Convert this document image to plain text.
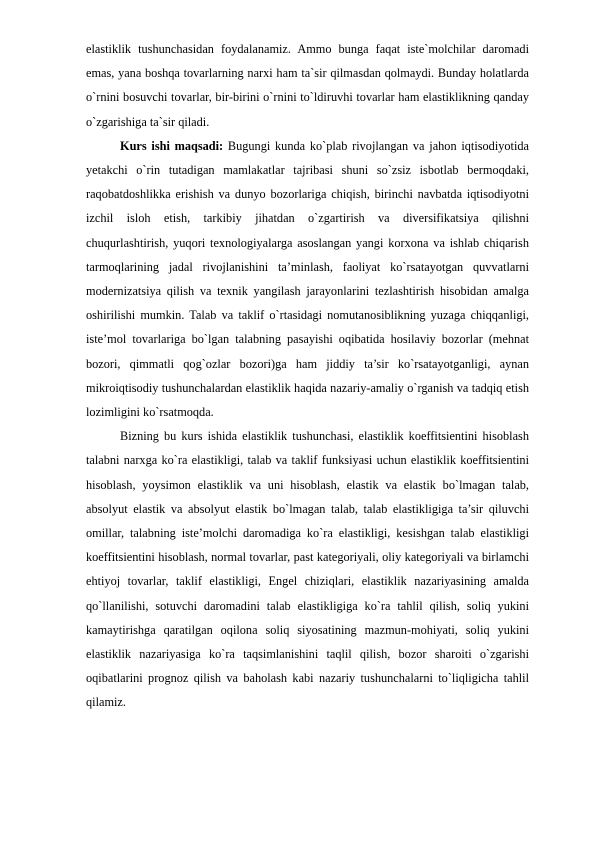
elastiklik tushunchasidan foydalanamiz. Ammo bunga faqat iste`molchilar daromadi emas, yana boshqa tovarlarning narxi ham ta`sir qilmasdan qolmaydi. Bunday holatlarda o`rnini bosuvchi tovarlar, bir-birini o`rnini to`ldiruvhi tovarlar ham elastiklikning qanday o`zgarishiga ta`sir qiladi.

Kurs ishi maqsadi: Bugungi kunda ko`plab rivojlangan va jahon iqtisodiyotida yetakchi o`rin tutadigan mamlakatlar tajribasi shuni so`zsiz isbotlab bermoqdaki, raqobatdoshlikka erishish va dunyo bozorlariga chiqish, birinchi navbatda iqtisodiyotni izchil isloh etish, tarkibiy jihatdan o`zgartirish va diversifikatsiya qilishni chuqurlashtirish, yuqori texnologiyalarga asoslangan yangi korxona va ishlab chiqarish tarmoqlarining jadal rivojlanishini ta’minlash, faoliyat ko`rsatayotgan quvvatlarni modernizatsiya qilish va texnik yangilash jarayonlarini tezlashtirish hisobidan amalga oshirilishi mumkin. Talab va taklif o`rtasidagi nomutanosiblikning yuzaga chiqqanligi, iste’mol tovarlariga bo`lgan talabning pasayishi oqibatida hosilaviy bozorlar (mehnat bozori, qimmatli qog`ozlar bozori)ga ham jiddiy ta’sir ko`rsatayotganligi, aynan mikroiqtisodiy tushunchalardan elastiklik haqida nazariy-amaliy o`rganish va tadqiq etish lozimligini ko`rsatmoqda.

Bizning bu kurs ishida elastiklik tushunchasi, elastiklik koeffitsientini hisoblash talabni narxga ko`ra elastikligi, talab va taklif funksiyasi uchun elastiklik koeffitsientini hisoblash, yoysimon elastiklik va uni hisoblash, elastik va elastik bo`lmagan talab, absolyut elastik va absolyut elastik bo`lmagan talab, talab elastikligiga ta’sir qiluvchi omillar, talabning iste’molchi daromadiga ko`ra elastikligi, kesishgan talab elastikligi koeffitsientini hisoblash, normal tovarlar, past kategoriyali, oliy kategoriyali va birlamchi ehtiyoj tovarlar, taklif elastikligi, Engel chiziqlari, elastiklik nazariyasining amalda qo`llanilishi, sotuvchi daromadini talab elastikligiga ko`ra tahlil qilish, soliq yukini kamaytirishga qaratilgan oqilona soliq siyosatining mazmun-mohiyati, soliq yukini elastiklik nazariyasiga ko`ra taqsimlanishini taqlil qilish, bozor sharoiti o`zgarishi oqibatlarini prognoz qilish va baholash kabi nazariy tushunchalarni to`liqligicha tahlil qilamiz.
